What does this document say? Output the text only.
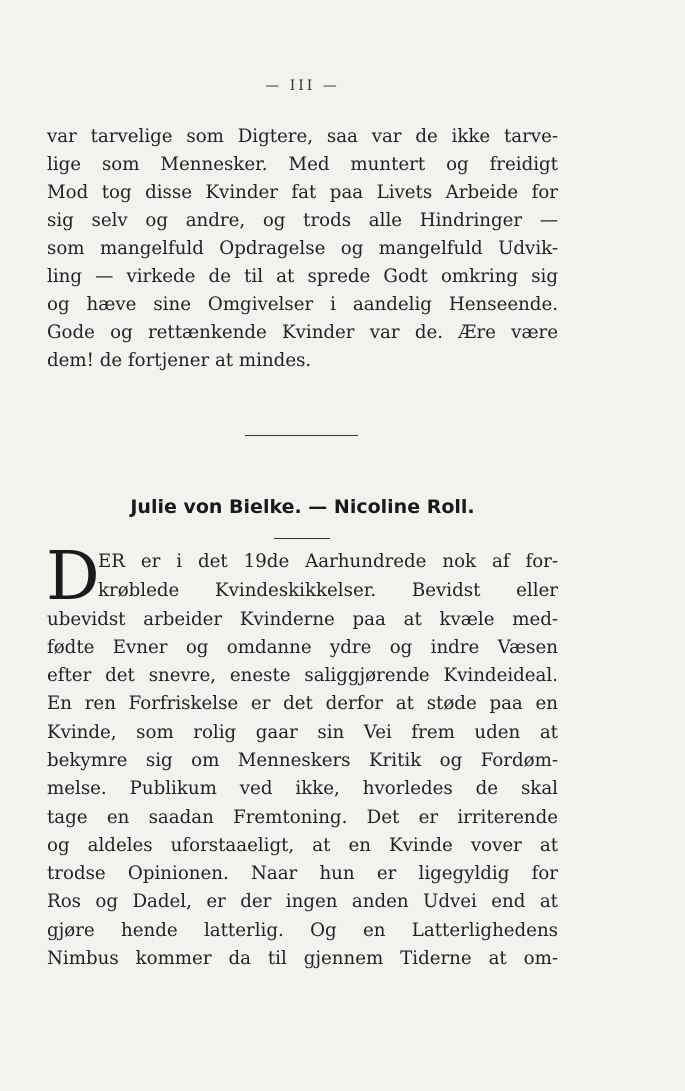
— III —
var tarvelige som Digtere, saa var de ikke tarve-
lige som Mennesker. Med muntert og freidigt
Mod tog disse Kvinder fat paa Livets Arbeide for
sig selv og andre, og trods alle Hindringer —
som mangelfuld Opdragelse og mangelfuld Udvik-
ling — virkede de til at sprede Godt omkring sig
og hæve sine Omgivelser i aandelig Henseende.
Gode og rettænkende Kvinder var de. Ære være
dem! de fortjener at mindes.
Julie von Bielke. — Nicoline Roll.
D
ER er i det 19de Aarhundrede nok af for-
krøblede Kvindeskikkelser. Bevidst eller
ubevidst arbeider Kvinderne paa at kvæle med-
fødte Evner og omdanne ydre og indre Væsen
efter det snevre, eneste saliggjørende Kvindeideal.
En ren Forfriskelse er det derfor at støde paa en
Kvinde, som rolig gaar sin Vei frem uden at
bekymre sig om Menneskers Kritik og Fordøm-
melse. Publikum ved ikke, hvorledes de skal
tage en saadan Fremtoning. Det er irriterende
og aldeles uforstaaeligt, at en Kvinde vover at
trodse Opinionen. Naar hun er ligegyldig for
Ros og Dadel, er der ingen anden Udvei end at
gjøre hende latterlig. Og en Latterlighedens
Nimbus kommer da til gjennem Tiderne at om-
